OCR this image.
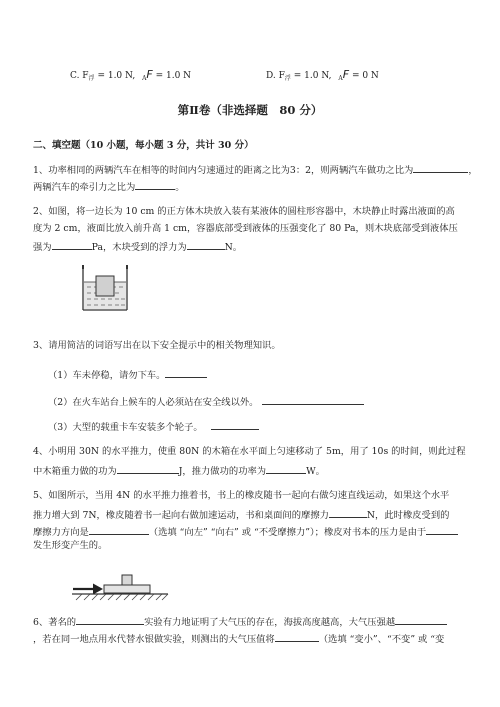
C. $F_浮 = 1.0$ N, $_A$F = 1.0 N	D. $F_浮 = 1.0$ N, $_A$F = 0 N
第Ⅱ卷（非选择题　80 分）
二、填空题（10 小题，每小题 3 分，共计 30 分）
1、功率相同的两辆汽车在相等的时间内匀速通过的距离之比为3：2，则两辆汽车做功之比为	，
两辆汽车的牵引力之比为	。
2、如图，将一边长为 10 cm 的正方体木块放入装有某液体的圆柱形容器中，木块静止时露出液面的高
度为 2 cm，液面比放入前升高 1 cm，容器底部受到液体的压强变化了 80 Pa，则木块底部受到液体压
强为	Pa，木块受到的浮力为	N。
3、请用简洁的词语写出在以下安全提示中的相关物理知识。
（1）车未停稳，请勿下车。
（2）在火车站台上候车的人必须站在安全线以外。
（3）大型的载重卡车安装多个轮子。
4、小明用 30N 的水平推力，使重 80N 的木箱在水平面上匀速移动了 5m，用了 10s 的时间，则此过程
中木箱重力做的功为	J，推力做功的功率为	W。
5、如图所示，当用 4N 的水平推力推着书，书上的橡皮随书一起向右做匀速直线运动，如果这个水平
推力增大到 7N，橡皮随着书一起向右做加速运动，书和桌面间的摩擦力	N，此时橡皮受到的
摩擦力方向是	（选填 “向左” “向右” 或 “不受摩擦力”）；橡皮对书本的压力是由于
发生形变产生的。
6、著名的	实验有力地证明了大气压的存在，海拔高度越高，大气压强越
，若在同一地点用水代替水银做实验，则测出的大气压值将	（选填 “变小”、“不变” 或 “变
